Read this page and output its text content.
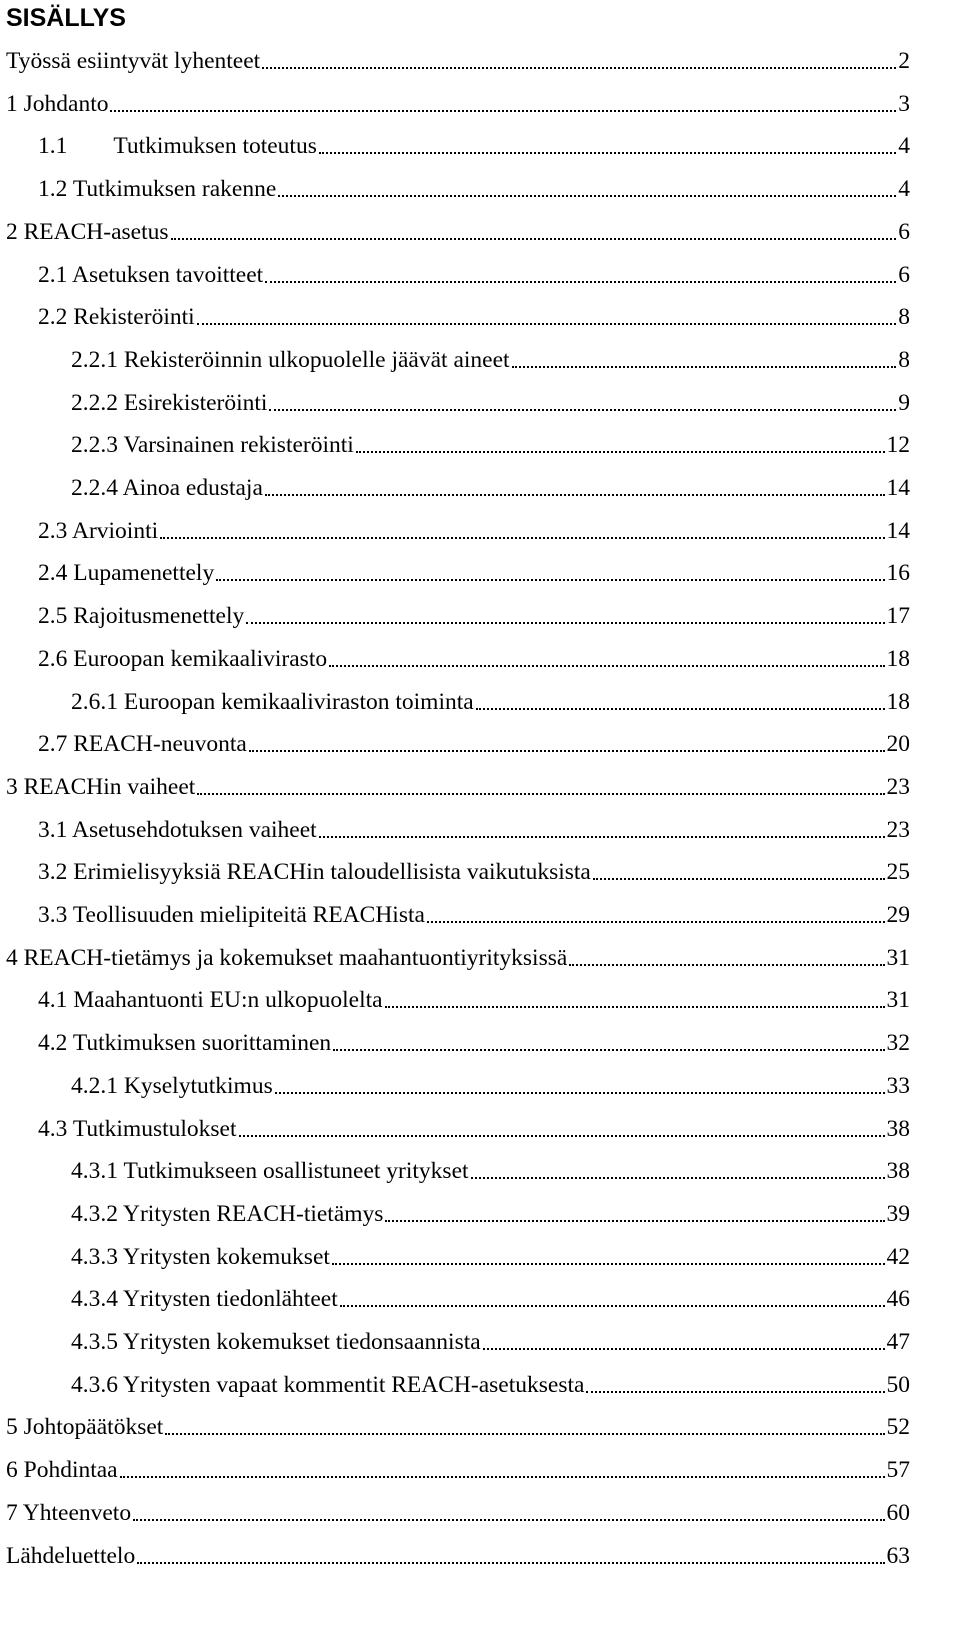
SISÄLLYS
Työssä esiintyvät lyhenteet	2
1 Johdanto	3
1.1 Tutkimuksen toteutus	4
1.2 Tutkimuksen rakenne	4
2 REACH-asetus	6
2.1 Asetuksen tavoitteet	6
2.2 Rekisteröinti	8
2.2.1 Rekisteröinnin ulkopuolelle jäävät aineet	8
2.2.2 Esirekisteröinti	9
2.2.3 Varsinainen rekisteröinti	12
2.2.4 Ainoa edustaja	14
2.3 Arviointi	14
2.4 Lupamenettely	16
2.5 Rajoitusmenettely	17
2.6 Euroopan kemikaalivirasto	18
2.6.1 Euroopan kemikaaliviraston toiminta	18
2.7 REACH-neuvonta	20
3 REACHin vaiheet	23
3.1 Asetusehdotuksen vaiheet	23
3.2 Erimielisyyksiä REACHin taloudellisista vaikutuksista	25
3.3 Teollisuuden mielipiteitä REACHista	29
4 REACH-tietämys ja kokemukset maahantuontiyrityksissä	31
4.1 Maahantuonti EU:n ulkopuolelta	31
4.2 Tutkimuksen suorittaminen	32
4.2.1 Kyselytutkimus	33
4.3 Tutkimustulokset	38
4.3.1 Tutkimukseen osallistuneet yritykset	38
4.3.2 Yritysten REACH-tietämys	39
4.3.3 Yritysten kokemukset	42
4.3.4 Yritysten tiedonlähteet	46
4.3.5 Yritysten kokemukset tiedonsaannista	47
4.3.6 Yritysten vapaat kommentit REACH-asetuksesta	50
5 Johtopäätökset	52
6 Pohdintaa	57
7 Yhteenveto	60
Lähdeluettelo	63
